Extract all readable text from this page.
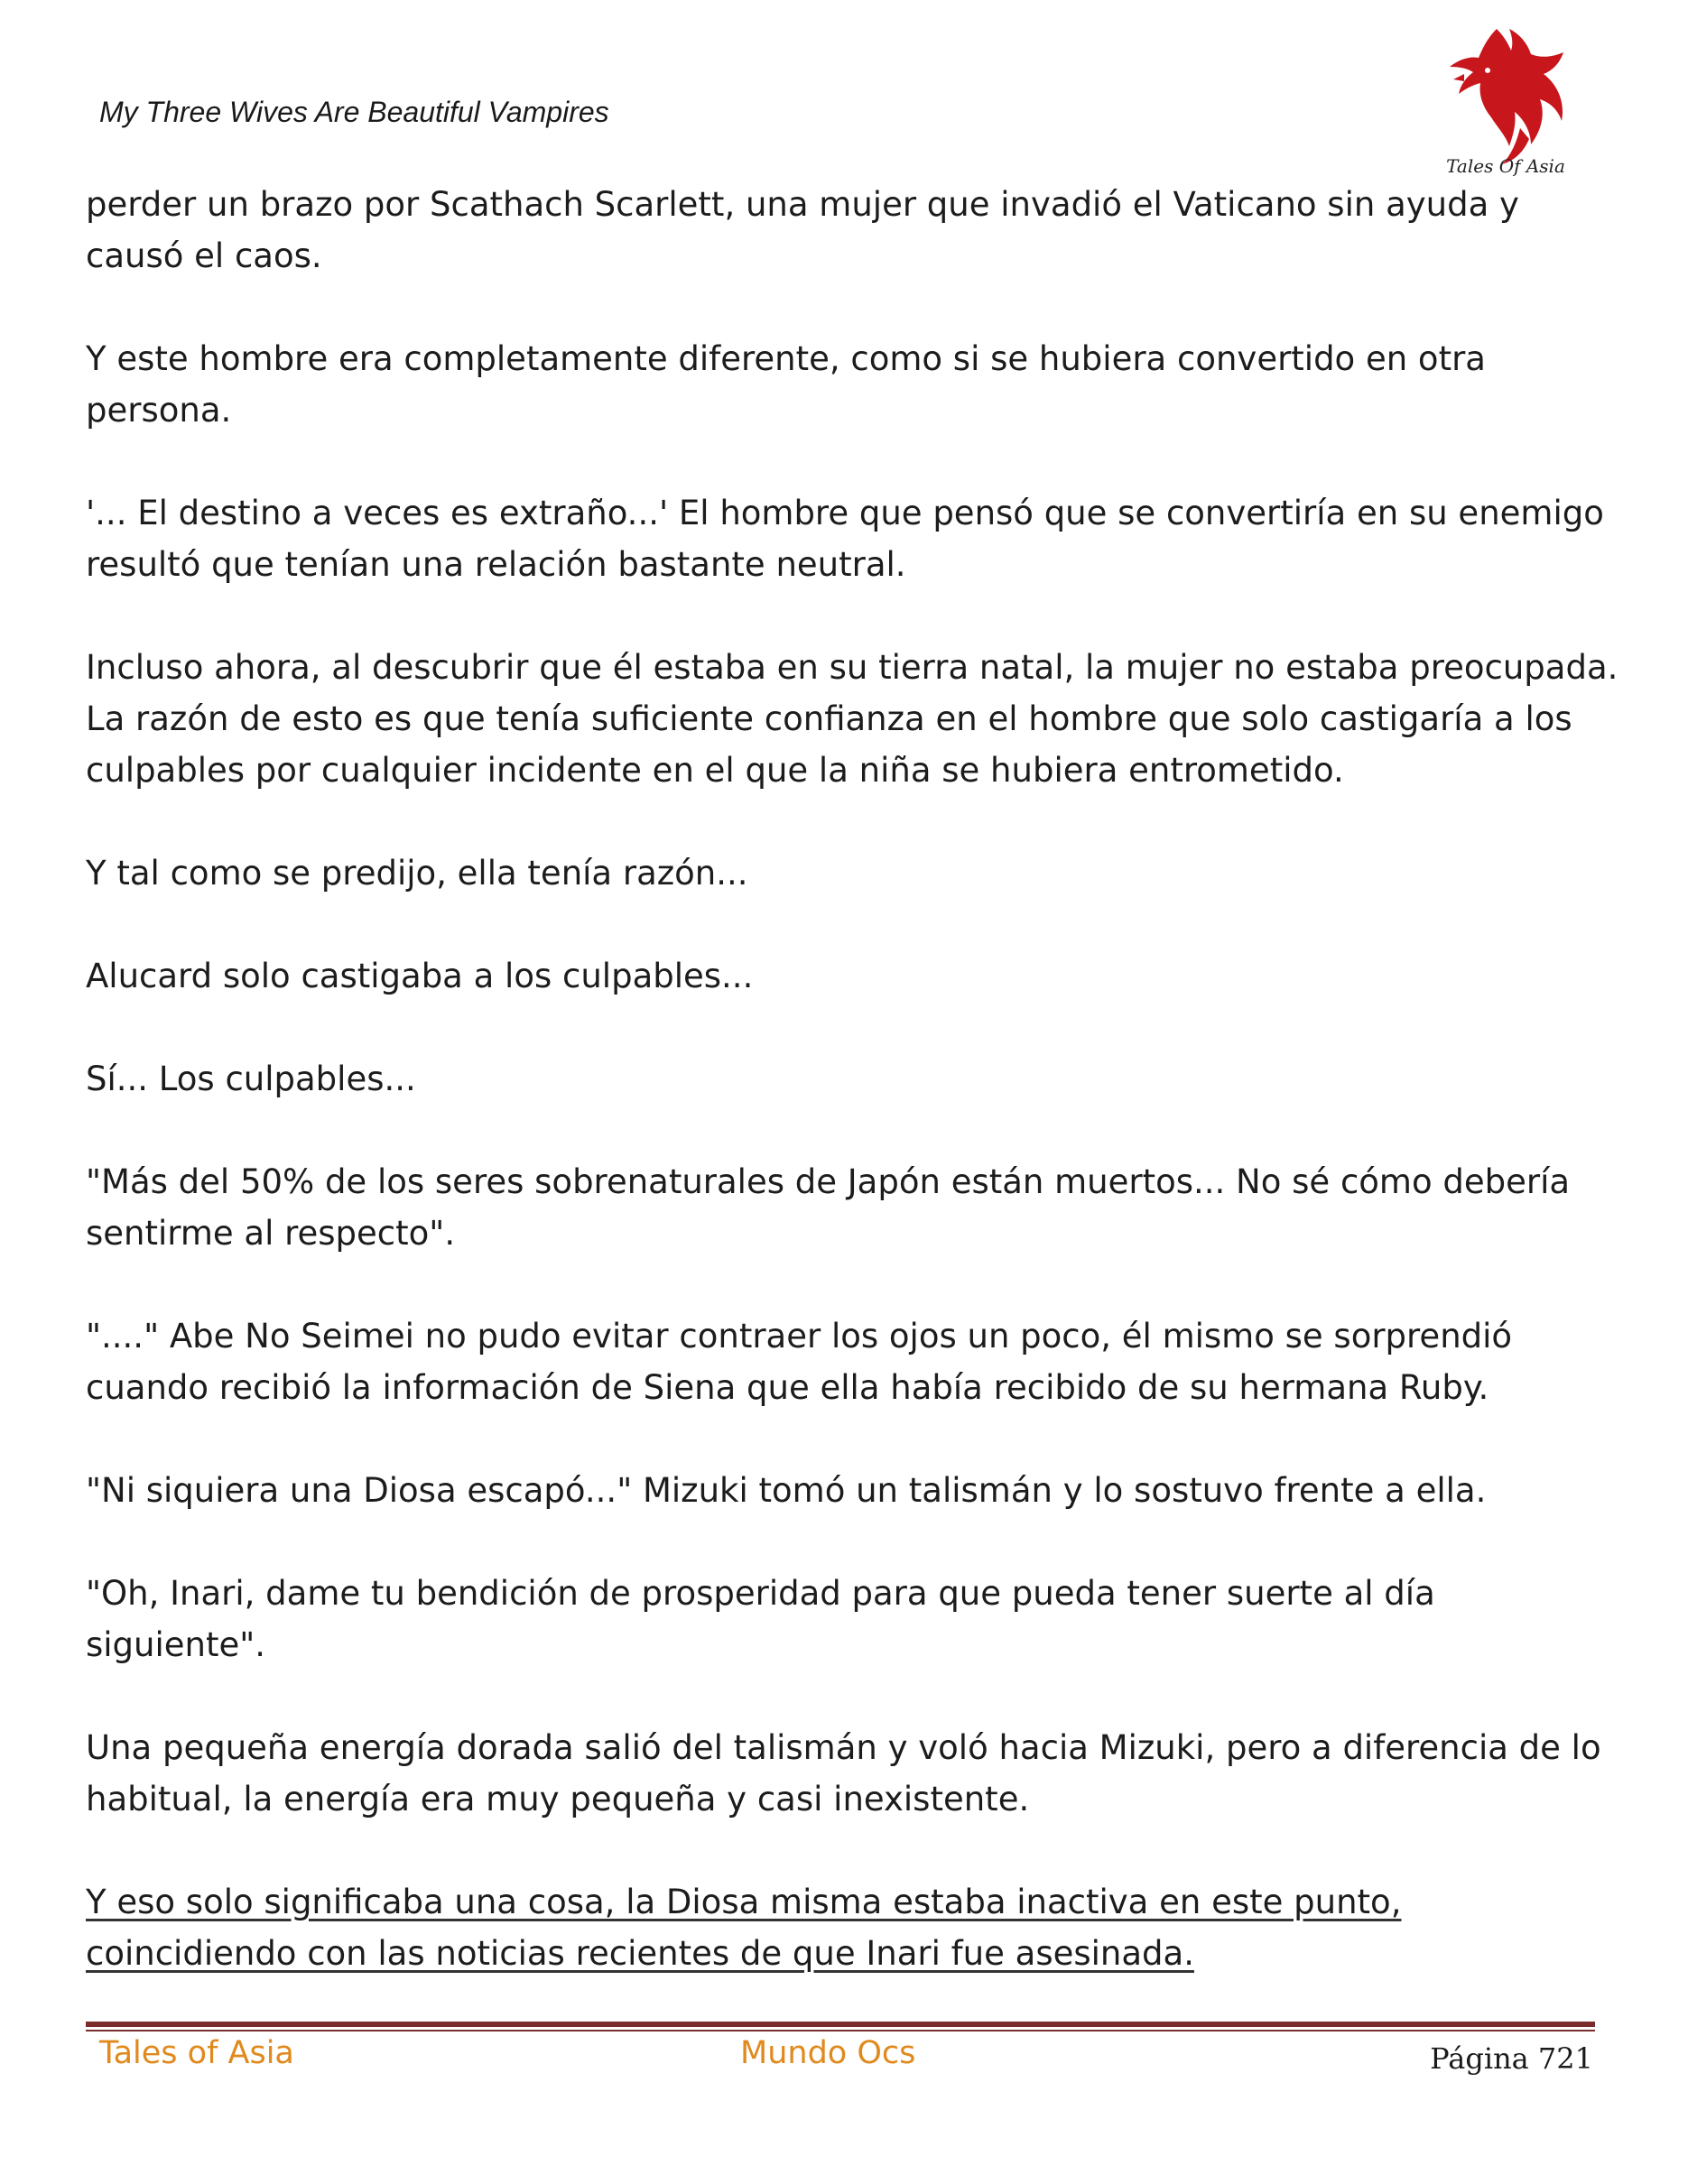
My Three Wives Are Beautiful Vampires
Tales Of Asia

perder un brazo por Scathach Scarlett, una mujer que invadió el Vaticano sin ayuda y causó el caos.

Y este hombre era completamente diferente, como si se hubiera convertido en otra persona.

'... El destino a veces es extraño...' El hombre que pensó que se convertiría en su enemigo resultó que tenían una relación bastante neutral.

Incluso ahora, al descubrir que él estaba en su tierra natal, la mujer no estaba preocupada. La razón de esto es que tenía suficiente confianza en el hombre que solo castigaría a los culpables por cualquier incidente en el que la niña se hubiera entrometido.

Y tal como se predijo, ella tenía razón...

Alucard solo castigaba a los culpables...

Sí... Los culpables...

"Más del 50% de los seres sobrenaturales de Japón están muertos... No sé cómo debería sentirme al respecto".

"...." Abe No Seimei no pudo evitar contraer los ojos un poco, él mismo se sorprendió cuando recibió la información de Siena que ella había recibido de su hermana Ruby.

"Ni siquiera una Diosa escapó..." Mizuki tomó un talismán y lo sostuvo frente a ella.

"Oh, Inari, dame tu bendición de prosperidad para que pueda tener suerte al día siguiente".

Una pequeña energía dorada salió del talismán y voló hacia Mizuki, pero a diferencia de lo habitual, la energía era muy pequeña y casi inexistente.

Y eso solo significaba una cosa, la Diosa misma estaba inactiva en este punto, coincidiendo con las noticias recientes de que Inari fue asesinada.

Tales of Asia	Mundo Ocs	Página 721
